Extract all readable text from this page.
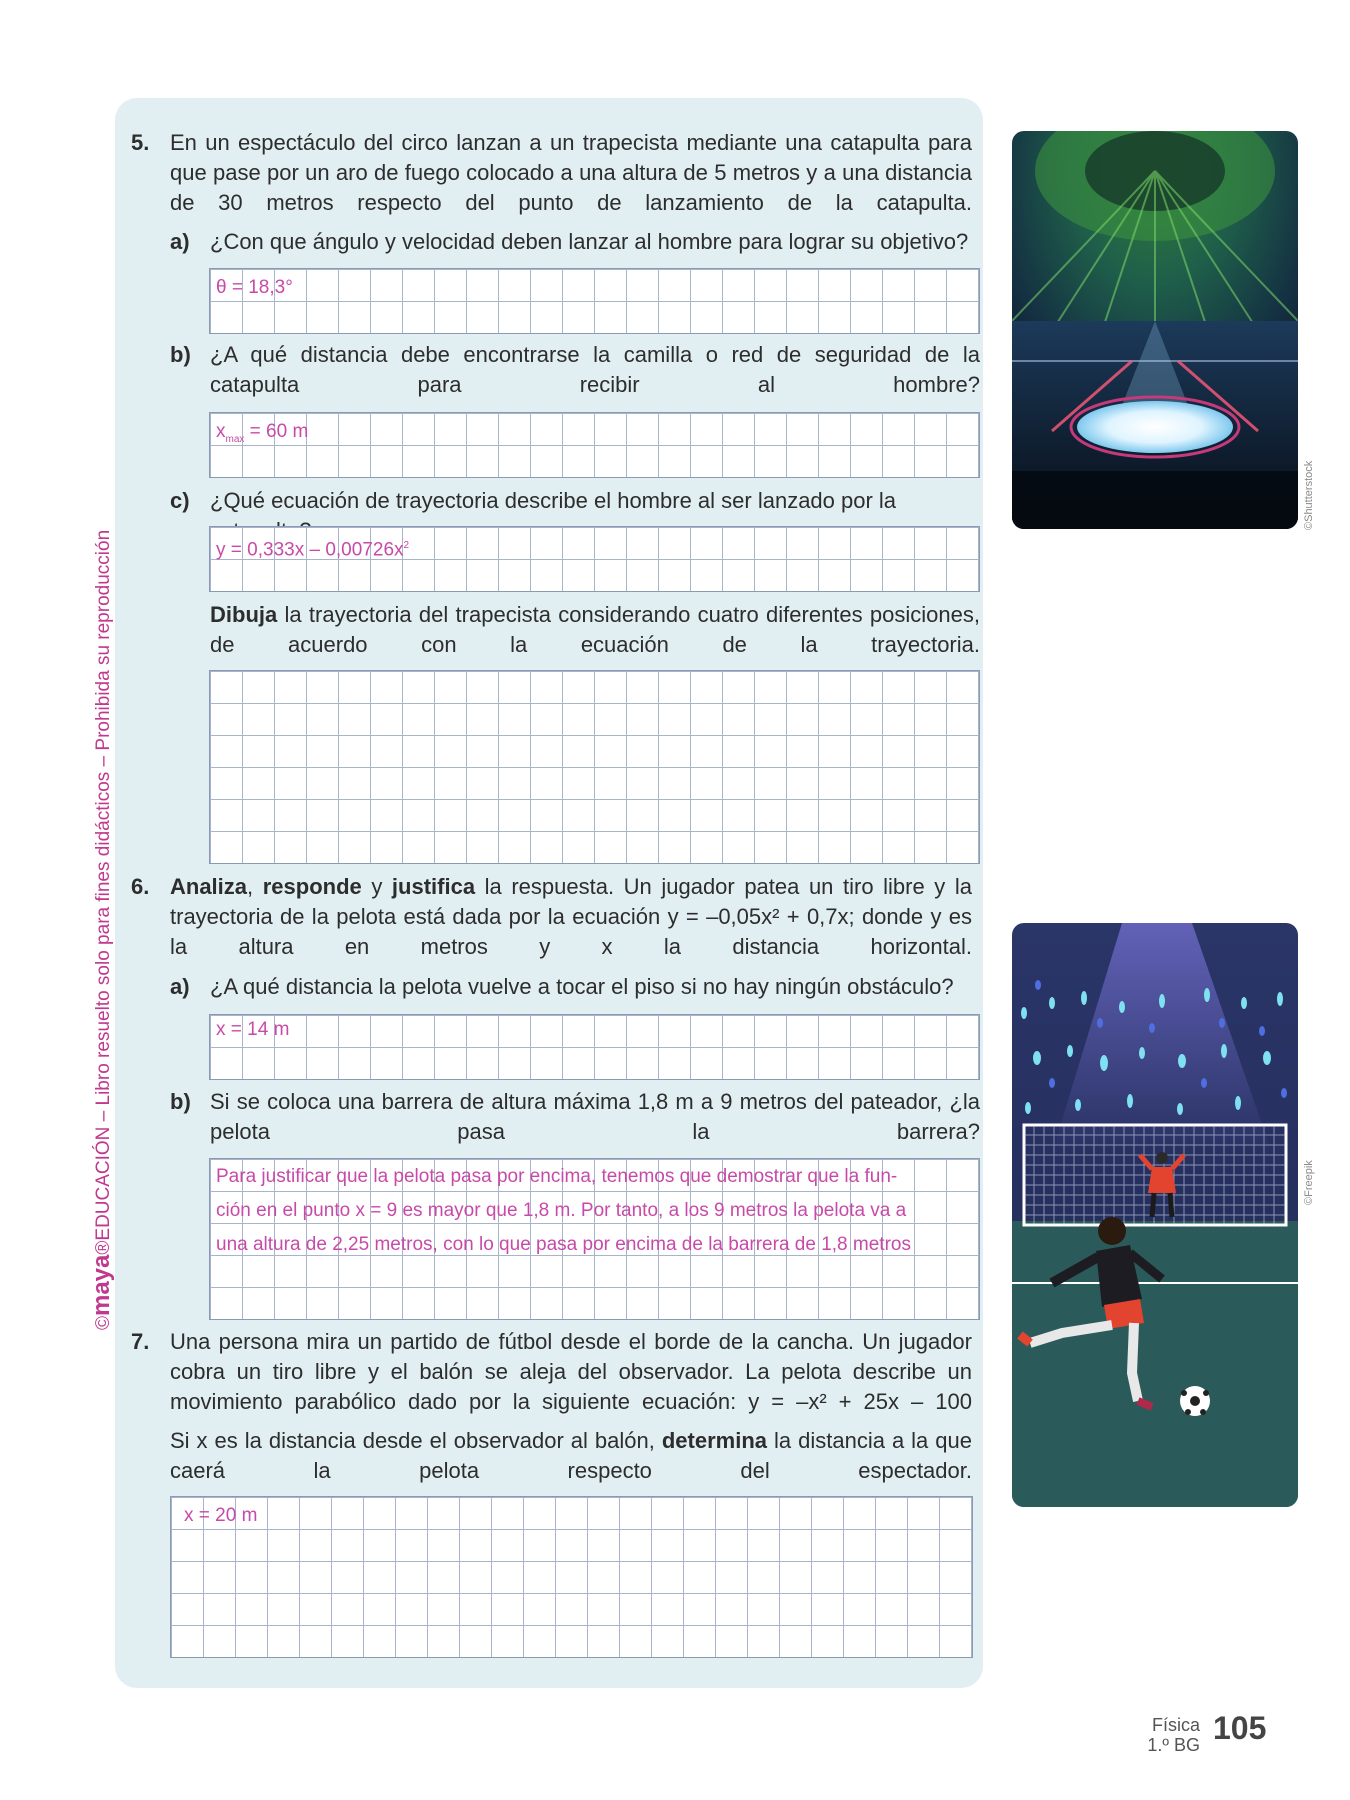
©maya®EDUCACIÓN – Libro resuelto solo para fines didácticos – Prohibida su reproducción
5. En un espectáculo del circo lanzan a un trapecista mediante una catapulta para que pase por un aro de fuego colocado a una altura de 5 metros y a una distancia de 30 metros respecto del punto de lanzamiento de la catapulta.
a) ¿Con que ángulo y velocidad deben lanzar al hombre para lograr su objetivo?
θ = 18,3°
b) ¿A qué distancia debe encontrarse la camilla o red de seguridad de la catapulta para recibir al hombre?
$x_{max} = 60$ m
c) ¿Qué ecuación de trayectoria describe el hombre al ser lanzado por la
$y = 0,333x - 0,00726x^2$
Dibuja la trayectoria del trapecista considerando cuatro diferentes posiciones, de acuerdo con la ecuación de la trayectoria.
6. Analiza, responde y justifica la respuesta. Un jugador patea un tiro libre y la trayectoria de la pelota está dada por la ecuación y = –0,05x² + 0,7x; donde y es la altura en metros y x la distancia horizontal.
a) ¿A qué distancia la pelota vuelve a tocar el piso si no hay ningún obstáculo?
x = 14 m
b) Si se coloca una barrera de altura máxima 1,8 m a 9 metros del pateador, ¿la pelota pasa la barrera?
Para justificar que la pelota pasa por encima, tenemos que demostrar que la fun-
ción en el punto x = 9 es mayor que 1,8 m. Por tanto, a los 9 metros la pelota va a
una altura de 2,25 metros, con lo que pasa por encima de la barrera de 1,8 metros
7. Una persona mira un partido de fútbol desde el borde de la cancha. Un jugador cobra un tiro libre y el balón se aleja del observador. La pelota describe un movimiento parabólico dado por la siguiente ecuación: y = –x² + 25x – 100
Si x es la distancia desde el observador al balón, determina la distancia a la que caerá la pelota respecto del espectador.
x = 20 m
©Shutterstock
©Freepik
Física
1.º BG 105
